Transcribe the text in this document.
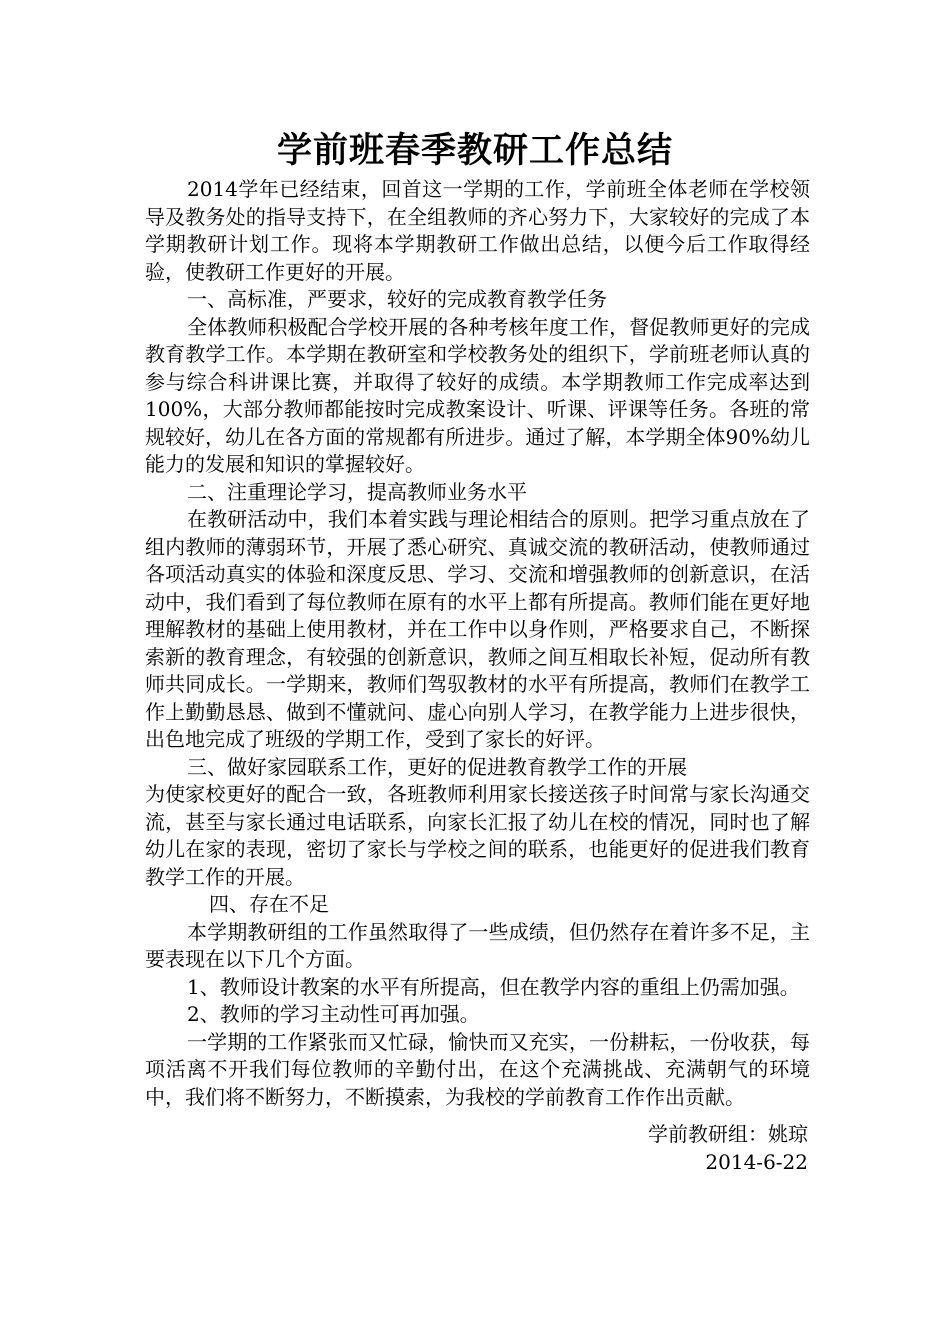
学前班春季教研工作总结

2014学年已经结束，回首这一学期的工作，学前班全体老师在学校领导及教务处的指导支持下，在全组教师的齐心努力下，大家较好的完成了本学期教研计划工作。现将本学期教研工作做出总结，以便今后工作取得经验，使教研工作更好的开展。

一、高标准，严要求，较好的完成教育教学任务

全体教师积极配合学校开展的各种考核年度工作，督促教师更好的完成教育教学工作。本学期在教研室和学校教务处的组织下，学前班老师认真的参与综合科讲课比赛，并取得了较好的成绩。本学期教师工作完成率达到100%，大部分教师都能按时完成教案设计、听课、评课等任务。各班的常规较好，幼儿在各方面的常规都有所进步。通过了解，本学期全体90%幼儿能力的发展和知识的掌握较好。

二、注重理论学习，提高教师业务水平

在教研活动中，我们本着实践与理论相结合的原则。把学习重点放在了组内教师的薄弱环节，开展了悉心研究、真诚交流的教研活动，使教师通过各项活动真实的体验和深度反思、学习、交流和增强教师的创新意识，在活动中，我们看到了每位教师在原有的水平上都有所提高。教师们能在更好地理解教材的基础上使用教材，并在工作中以身作则，严格要求自己，不断探索新的教育理念，有较强的创新意识，教师之间互相取长补短，促动所有教师共同成长。一学期来，教师们驾驭教材的水平有所提高，教师们在教学工作上勤勤恳恳、做到不懂就问、虚心向别人学习，在教学能力上进步很快，出色地完成了班级的学期工作，受到了家长的好评。

三、做好家园联系工作，更好的促进教育教学工作的开展

为使家校更好的配合一致，各班教师利用家长接送孩子时间常与家长沟通交流，甚至与家长通过电话联系，向家长汇报了幼儿在校的情况，同时也了解幼儿在家的表现，密切了家长与学校之间的联系，也能更好的促进我们教育教学工作的开展。

四、存在不足

本学期教研组的工作虽然取得了一些成绩，但仍然存在着许多不足，主要表现在以下几个方面。

1、教师设计教案的水平有所提高，但在教学内容的重组上仍需加强。

2、教师的学习主动性可再加强。

一学期的工作紧张而又忙碌，愉快而又充实，一份耕耘，一份收获，每项活离不开我们每位教师的辛勤付出，在这个充满挑战、充满朝气的环境中，我们将不断努力，不断摸索，为我校的学前教育工作作出贡献。

学前教研组：姚琼
2014-6-22
